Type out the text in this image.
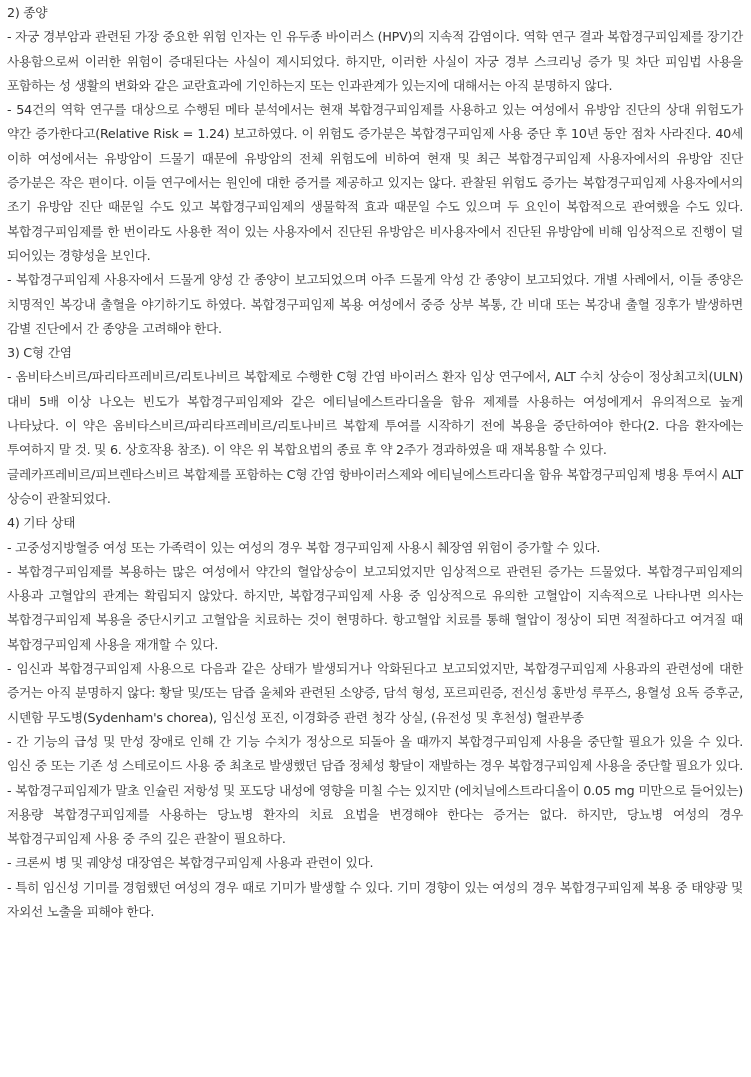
2) 종양

- 자궁 경부암과 관련된 가장 중요한 위험 인자는 인 유두종 바이러스 (HPV)의 지속적 감염이다. 역학 연구 결과 복합경구피임제를 장기간 사용함으로써 이러한 위험이 증대된다는 사실이 제시되었다. 하지만, 이러한 사실이 자궁 경부 스크리닝 증가 및 차단 피임법 사용을 포함하는 성 생활의 변화와 같은 교란효과에 기인하는지 또는 인과관계가 있는지에 대해서는 아직 분명하지 않다.

- 54건의 역학 연구를 대상으로 수행된 메타 분석에서는 현재 복합경구피임제를 사용하고 있는 여성에서 유방암 진단의 상대 위험도가 약간 증가한다고(Relative Risk = 1.24) 보고하였다. 이 위험도 증가분은 복합경구피임제 사용 중단 후 10년 동안 점차 사라진다. 40세 이하 여성에서는 유방암이 드물기 때문에 유방암의 전체 위험도에 비하여 현재 및 최근 복합경구피임제 사용자에서의 유방암 진단 증가분은 작은 편이다. 이들 연구에서는 원인에 대한 증거를 제공하고 있지는 않다. 관찰된 위험도 증가는 복합경구피임제 사용자에서의 조기 유방암 진단 때문일 수도 있고 복합경구피임제의 생물학적 효과 때문일 수도 있으며 두 요인이 복합적으로 관여했을 수도 있다. 복합경구피임제를 한 번이라도 사용한 적이 있는 사용자에서 진단된 유방암은 비사용자에서 진단된 유방암에 비해 임상적으로 진행이 덜 되어있는 경향성을 보인다.

- 복합경구피임제 사용자에서 드물게 양성 간 종양이 보고되었으며 아주 드물게 악성 간 종양이 보고되었다. 개별 사례에서, 이들 종양은 치명적인 복강내 출혈을 야기하기도 하였다. 복합경구피임제 복용 여성에서 중증 상부 복통, 간 비대 또는 복강내 출혈 징후가 발생하면 감별 진단에서 간 종양을 고려해야 한다.

3) C형 간염

- 옴비타스비르/파리타프레비르/리토나비르 복합제로 수행한 C형 간염 바이러스 환자 임상 연구에서, ALT 수치 상승이 정상최고치(ULN) 대비 5배 이상 나오는 빈도가 복합경구피임제와 같은 에티닐에스트라디올을 함유 제제를 사용하는 여성에게서 유의적으로 높게 나타났다. 이 약은 옴비타스비르/파리타프레비르/리토나비르 복합제 투여를 시작하기 전에 복용을 중단하여야 한다(2. 다음 환자에는 투여하지 말 것. 및 6. 상호작용 참조). 이 약은 위 복합요법의 종료 후 약 2주가 경과하였을 때 재복용할 수 있다.

글레카프레비르/피브렌타스비르 복합제를 포함하는 C형 간염 항바이러스제와 에티닐에스트라디올 함유 복합경구피임제 병용 투여시 ALT 상승이 관찰되었다.

4) 기타 상태

- 고중성지방혈증 여성 또는 가족력이 있는 여성의 경우 복합 경구피임제 사용시 췌장염 위험이 증가할 수 있다.

- 복합경구피임제를 복용하는 많은 여성에서 약간의 혈압상승이 보고되었지만 임상적으로 관련된 증가는 드물었다. 복합경구피임제의 사용과 고혈압의 관계는 확립되지 않았다. 하지만, 복합경구피임제 사용 중 임상적으로 유의한 고혈압이 지속적으로 나타나면 의사는 복합경구피임제 복용을 중단시키고 고혈압을 치료하는 것이 현명하다. 항고혈압 치료를 통해 혈압이 정상이 되면 적절하다고 여겨질 때 복합경구피임제 사용을 재개할 수 있다.

- 임신과 복합경구피임제 사용으로 다음과 같은 상태가 발생되거나 악화된다고 보고되었지만, 복합경구피임제 사용과의 관련성에 대한 증거는 아직 분명하지 않다: 황달 및/또는 담즙 울체와 관련된 소양증, 담석 형성, 포르피린증, 전신성 홍반성 루푸스, 용혈성 요독 증후군, 시덴함 무도병(Sydenham's chorea), 임신성 포진, 이경화증 관련 청각 상실, (유전성 및 후천성) 혈관부종

- 간 기능의 급성 및 만성 장애로 인해 간 기능 수치가 정상으로 되돌아 올 때까지 복합경구피임제 사용을 중단할 필요가 있을 수 있다. 임신 중 또는 기존 성 스테로이드 사용 중 최초로 발생했던 담즙 정체성 황달이 재발하는 경우 복합경구피임제 사용을 중단할 필요가 있다.

- 복합경구피임제가 말초 인슐린 저항성 및 포도당 내성에 영향을 미칠 수는 있지만 (에치닐에스트라디올이 0.05 mg 미만으로 들어있는) 저용량 복합경구피임제를 사용하는 당뇨병 환자의 치료 요법을 변경해야 한다는 증거는 없다. 하지만, 당뇨병 여성의 경우 복합경구피임제 사용 중 주의 깊은 관찰이 필요하다.

- 크론씨 병 및 궤양성 대장염은 복합경구피임제 사용과 관련이 있다.

- 특히 임신성 기미를 경험했던 여성의 경우 때로 기미가 발생할 수 있다. 기미 경향이 있는 여성의 경우 복합경구피임제 복용 중 태양광 및 자외선 노출을 피해야 한다.
